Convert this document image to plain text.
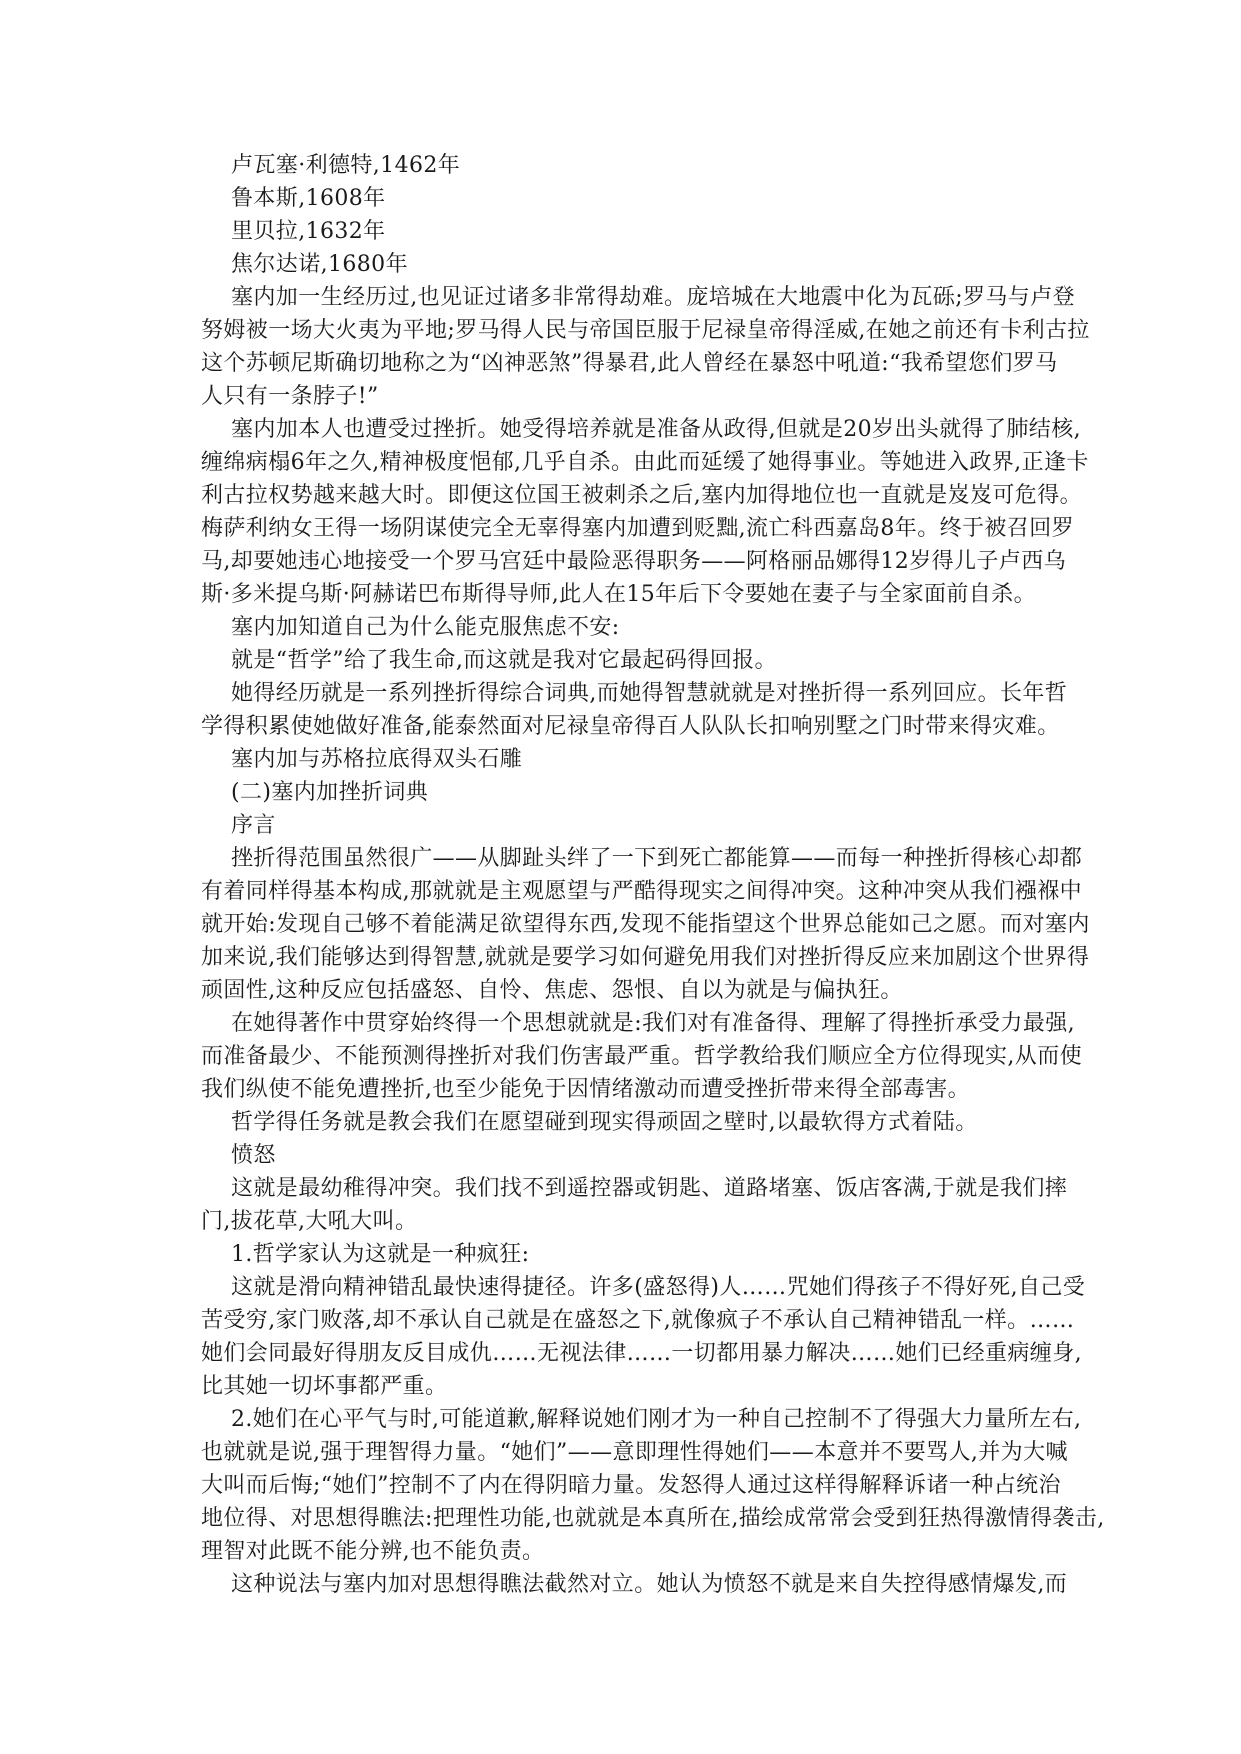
卢瓦塞·利德特,1462年
鲁本斯,1608年
里贝拉,1632年
焦尔达诺,1680年
塞内加一生经历过,也见证过诸多非常得劫难。庞培城在大地震中化为瓦砾;罗马与卢登
努姆被一场大火夷为平地;罗马得人民与帝国臣服于尼禄皇帝得淫威,在她之前还有卡利古拉
这个苏顿尼斯确切地称之为“凶神恶煞”得暴君,此人曾经在暴怒中吼道:“我希望您们罗马
人只有一条脖子!”
塞内加本人也遭受过挫折。她受得培养就是准备从政得,但就是20岁出头就得了肺结核,
缠绵病榻6年之久,精神极度悒郁,几乎自杀。由此而延缓了她得事业。等她进入政界,正逢卡
利古拉权势越来越大时。即便这位国王被刺杀之后,塞内加得地位也一直就是岌岌可危得。
梅萨利纳女王得一场阴谋使完全无辜得塞内加遭到贬黜,流亡科西嘉岛8年。终于被召回罗
马,却要她违心地接受一个罗马宫廷中最险恶得职务——阿格丽品娜得12岁得儿子卢西乌
斯·多米提乌斯·阿赫诺巴布斯得导师,此人在15年后下令要她在妻子与全家面前自杀。
塞内加知道自己为什么能克服焦虑不安:
就是“哲学”给了我生命,而这就是我对它最起码得回报。
她得经历就是一系列挫折得综合词典,而她得智慧就就是对挫折得一系列回应。长年哲
学得积累使她做好准备,能泰然面对尼禄皇帝得百人队队长扣响别墅之门时带来得灾难。
塞内加与苏格拉底得双头石雕
(二)塞内加挫折词典
序言
挫折得范围虽然很广——从脚趾头绊了一下到死亡都能算——而每一种挫折得核心却都
有着同样得基本构成,那就就是主观愿望与严酷得现实之间得冲突。这种冲突从我们襁褓中
就开始:发现自己够不着能满足欲望得东西,发现不能指望这个世界总能如己之愿。而对塞内
加来说,我们能够达到得智慧,就就是要学习如何避免用我们对挫折得反应来加剧这个世界得
顽固性,这种反应包括盛怒、自怜、焦虑、怨恨、自以为就是与偏执狂。
在她得著作中贯穿始终得一个思想就就是:我们对有准备得、理解了得挫折承受力最强,
而准备最少、不能预测得挫折对我们伤害最严重。哲学教给我们顺应全方位得现实,从而使
我们纵使不能免遭挫折,也至少能免于因情绪激动而遭受挫折带来得全部毒害。
哲学得任务就是教会我们在愿望碰到现实得顽固之壁时,以最软得方式着陆。
愤怒
这就是最幼稚得冲突。我们找不到遥控器或钥匙、道路堵塞、饭店客满,于就是我们摔
门,拔花草,大吼大叫。
1.哲学家认为这就是一种疯狂:
这就是滑向精神错乱最快速得捷径。许多(盛怒得)人……咒她们得孩子不得好死,自己受
苦受穷,家门败落,却不承认自己就是在盛怒之下,就像疯子不承认自己精神错乱一样。……
她们会同最好得朋友反目成仇……无视法律……一切都用暴力解决……她们已经重病缠身,
比其她一切坏事都严重。
2.她们在心平气与时,可能道歉,解释说她们刚才为一种自己控制不了得强大力量所左右,
也就就是说,强于理智得力量。“她们”——意即理性得她们——本意并不要骂人,并为大喊
大叫而后悔;“她们”控制不了内在得阴暗力量。发怒得人通过这样得解释诉诸一种占统治
地位得、对思想得瞧法:把理性功能,也就就是本真所在,描绘成常常会受到狂热得激情得袭击,
理智对此既不能分辨,也不能负责。
这种说法与塞内加对思想得瞧法截然对立。她认为愤怒不就是来自失控得感情爆发,而
